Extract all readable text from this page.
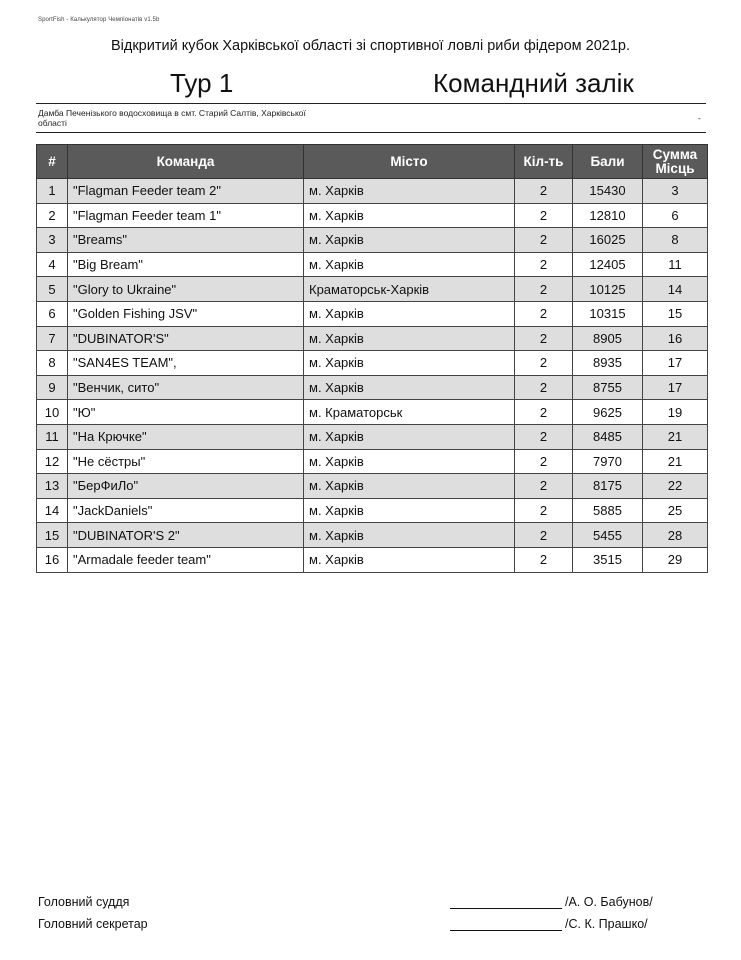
SportFish - Калькулятор Чемпіонатів v1.5b
Відкритий кубок Харківської області зі спортивної ловлі риби фідером 2021р.
Тур 1	Командний залік
Дамба Печенізького водосховища в смт. Старий Салтів, Харківської
області	-
#	Команда	Місто	Кіл-ть	Бали	Сумма
Місць

1	"Flagman Feeder team 2"	м. Харків	2	15430	3
2	"Flagman Feeder team 1"	м. Харків	2	12810	6
3	"Breams"	м. Харків	2	16025	8
4	"Big Bream"	м. Харків	2	12405	11
5	"Glory to Ukraine"	Краматорськ-Харків	2	10125	14
6	"Golden Fishing JSV"	м. Харків	2	10315	15
7	"DUBINATOR'S"	м. Харків	2	8905	16
8	"SAN4ES TEAM",	м. Харків	2	8935	17
9	"Венчик, сито"	м. Харків	2	8755	17
10	"Ю"	м. Краматорськ	2	9625	19
11	"На Крючке"	м. Харків	2	8485	21
12	"Не сёстры"	м. Харків	2	7970	21
13	"БерФиЛо"	м. Харків	2	8175	22
14	"JackDaniels"	м. Харків	2	5885	25
15	"DUBINATOR'S 2"	м. Харків	2	5455	28
16	"Armadale feeder team"	м. Харків	2	3515	29
Головний суддя	/А. О. Бабунов/
Головний секретар	/С. К. Прашко/
